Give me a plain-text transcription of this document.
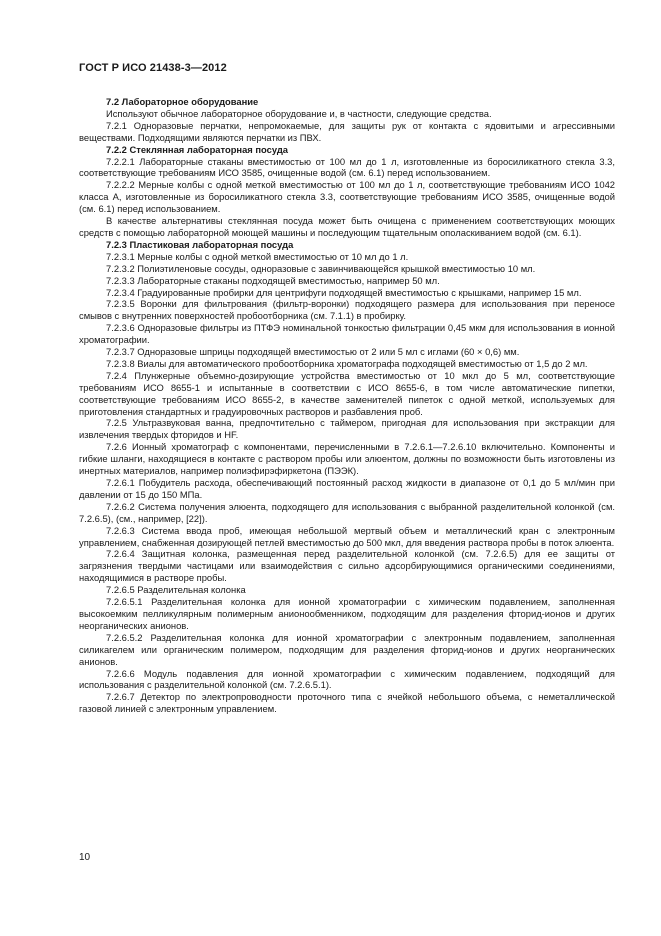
ГОСТ Р ИСО 21438-3—2012

7.2 Лабораторное оборудование

Используют обычное лабораторное оборудование и, в частности, следующие средства.

7.2.1 Одноразовые перчатки, непромокаемые, для защиты рук от контакта с ядовитыми и агрессивными веществами. Подходящими являются перчатки из ПВХ.

7.2.2 Стеклянная лабораторная посуда

7.2.2.1 Лабораторные стаканы вместимостью от 100 мл до 1 л, изготовленные из боросиликатного стекла 3.3, соответствующие требованиям ИСО 3585, очищенные водой (см. 6.1) перед использованием.

7.2.2.2 Мерные колбы с одной меткой вместимостью от 100 мл до 1 л, соответствующие требованиям ИСО 1042 класса А, изготовленные из боросиликатного стекла 3.3, соответствующие требованиям ИСО 3585, очищенные водой (см. 6.1) перед использованием.

В качестве альтернативы стеклянная посуда может быть очищена с применением соответствующих моющих средств с помощью лабораторной моющей машины и последующим тщательным ополаскиванием водой (см. 6.1).

7.2.3 Пластиковая лабораторная посуда

7.2.3.1 Мерные колбы с одной меткой вместимостью от 10 мл до 1 л.

7.2.3.2 Полиэтиленовые сосуды, одноразовые с завинчивающейся крышкой вместимостью 10 мл.

7.2.3.3 Лабораторные стаканы подходящей вместимостью, например 50 мл.

7.2.3.4 Градуированные пробирки для центрифуги подходящей вместимостью с крышками, например 15 мл.

7.2.3.5 Воронки для фильтрования (фильтр-воронки) подходящего размера для использования при переносе смывов с внутренних поверхностей пробоотборника (см. 7.1.1) в пробирку.

7.2.3.6 Одноразовые фильтры из ПТФЭ номинальной тонкостью фильтрации 0,45 мкм для использования в ионной хроматографии.

7.2.3.7 Одноразовые шприцы подходящей вместимостью от 2 или 5 мл с иглами (60 × 0,6) мм.

7.2.3.8 Виалы для автоматического пробоотборника хроматографа подходящей вместимостью от 1,5 до 2 мл.

7.2.4 Плунжерные объемно-дозирующие устройства вместимостью от 10 мкл до 5 мл, соответствующие требованиям ИСО 8655-1 и испытанные в соответствии с ИСО 8655-6, в том числе автоматические пипетки, соответствующие требованиям ИСО 8655-2, в качестве заменителей пипеток с одной меткой, используемых для приготовления стандартных и градуировочных растворов и разбавления проб.

7.2.5 Ультразвуковая ванна, предпочтительно с таймером, пригодная для использования при экстракции для извлечения твердых фторидов и HF.

7.2.6 Ионный хроматограф с компонентами, перечисленными в 7.2.6.1—7.2.6.10 включительно. Компоненты и гибкие шланги, находящиеся в контакте с раствором пробы или элюентом, должны по возможности быть изготовлены из инертных материалов, например полиэфирэфиркетона (ПЭЭК).

7.2.6.1 Побудитель расхода, обеспечивающий постоянный расход жидкости в диапазоне от 0,1 до 5 мл/мин при давлении от 15 до 150 МПа.

7.2.6.2 Система получения элюента, подходящего для использования с выбранной разделительной колонкой (см. 7.2.6.5), (см., например, [22]).

7.2.6.3 Система ввода проб, имеющая небольшой мертвый объем и металлический кран с электронным управлением, снабженная дозирующей петлей вместимостью до 500 мкл, для введения раствора пробы в поток элюента.

7.2.6.4 Защитная колонка, размещенная перед разделительной колонкой (см. 7.2.6.5) для ее защиты от загрязнения твердыми частицами или взаимодействия с сильно адсорбирующимися органическими соединениями, находящимися в растворе пробы.

7.2.6.5 Разделительная колонка

7.2.6.5.1 Разделительная колонка для ионной хроматографии с химическим подавлением, заполненная высокоемким пелликулярным полимерным анионообменником, подходящим для разделения фторид-ионов и других неорганических анионов.

7.2.6.5.2 Разделительная колонка для ионной хроматографии с электронным подавлением, заполненная силикагелем или органическим полимером, подходящим для разделения фторид-ионов и других неорганических анионов.

7.2.6.6 Модуль подавления для ионной хроматографии с химическим подавлением, подходящий для использования с разделительной колонкой (см. 7.2.6.5.1).

7.2.6.7 Детектор по электропроводности проточного типа с ячейкой небольшого объема, с неметаллической газовой линией с электронным управлением.

10
